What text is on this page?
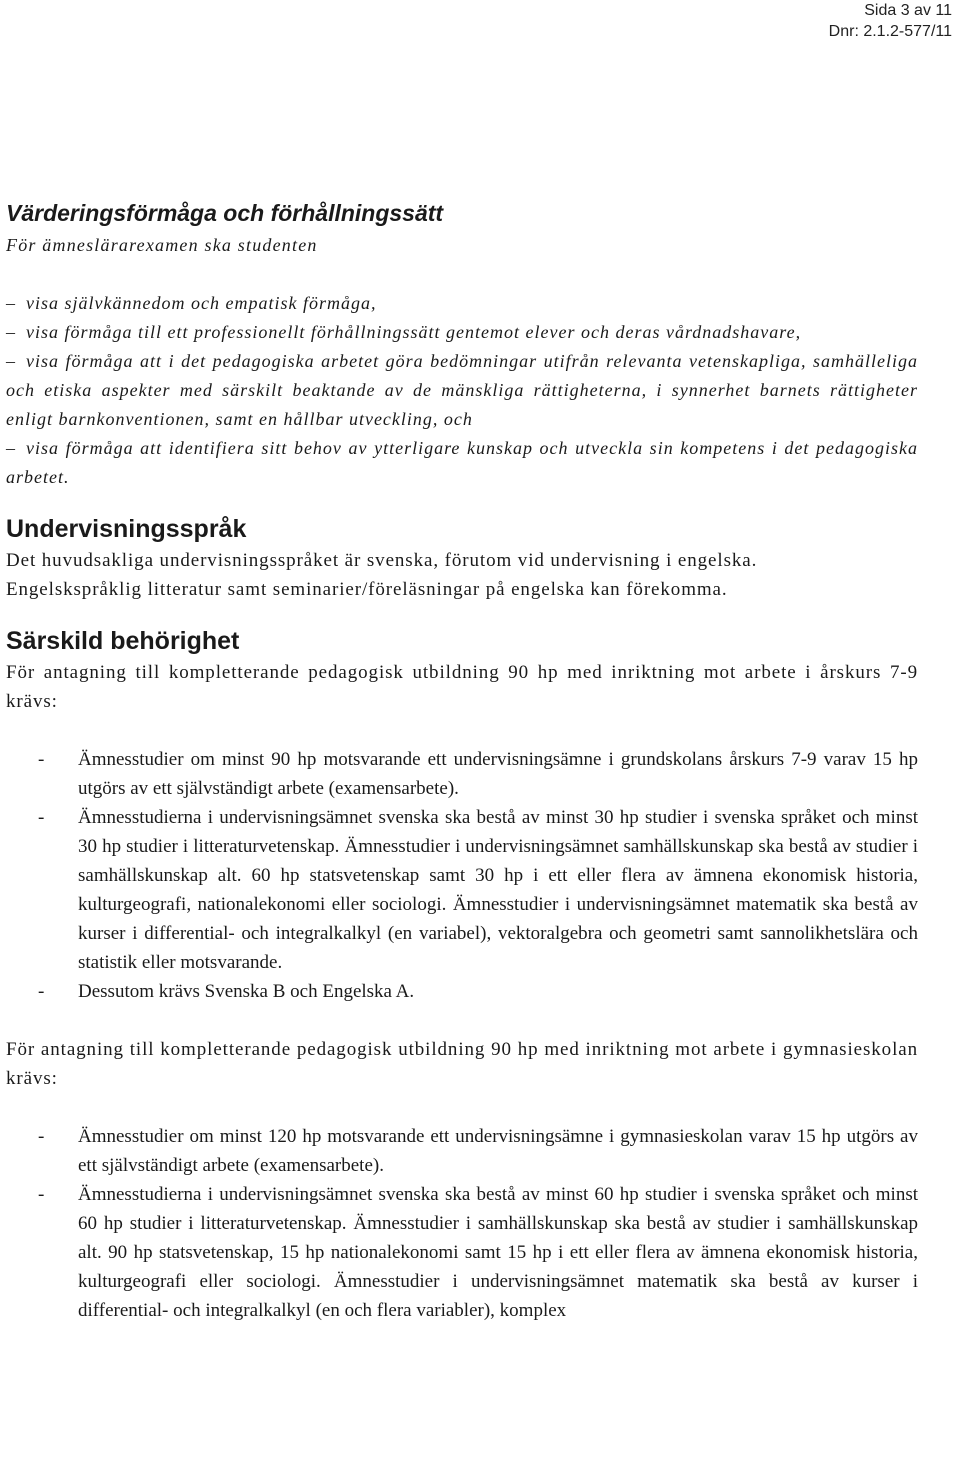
Sida 3 av 11
Dnr: 2.1.2-577/11
Värderingsförmåga och förhållningssätt

För ämneslärarexamen ska studenten

– visa självkännedom och empatisk förmåga,
– visa förmåga till ett professionellt förhållningssätt gentemot elever och deras vårdnadshavare,
– visa förmåga att i det pedagogiska arbetet göra bedömningar utifrån relevanta vetenskapliga, samhälleliga och etiska aspekter med särskilt beaktande av de mänskliga rättigheterna, i synnerhet barnets rättigheter enligt barnkonventionen, samt en hållbar utveckling, och
– visa förmåga att identifiera sitt behov av ytterligare kunskap och utveckla sin kompetens i det pedagogiska arbetet.
Undervisningsspråk

Det huvudsakliga undervisningsspråket är svenska, förutom vid undervisning i engelska.

Engelskspråklig litteratur samt seminarier/föreläsningar på engelska kan förekomma.

Särskild behörighet

För antagning till kompletterande pedagogisk utbildning 90 hp med inriktning mot arbete i årskurs 7-9 krävs:

- Ämnesstudier om minst 90 hp motsvarande ett undervisningsämne i grundskolans årskurs 7-9 varav 15 hp utgörs av ett självständigt arbete (examensarbete).
- Ämnesstudierna i undervisningsämnet svenska ska bestå av minst 30 hp studier i svenska språket och minst 30 hp studier i litteraturvetenskap. Ämnesstudier i undervisningsämnet samhällskunskap ska bestå av studier i samhällskunskap alt. 60 hp statsvetenskap samt 30 hp i ett eller flera av ämnena ekonomisk historia, kulturgeografi, nationalekonomi eller sociologi. Ämnesstudier i undervisningsämnet matematik ska bestå av kurser i differential- och integralkalkyl (en variabel), vektoralgebra och geometri samt sannolikhetslära och statistik eller motsvarande.
- Dessutom krävs Svenska B och Engelska A.

För antagning till kompletterande pedagogisk utbildning 90 hp med inriktning mot arbete i gymnasieskolan krävs:

- Ämnesstudier om minst 120 hp motsvarande ett undervisningsämne i gymnasieskolan varav 15 hp utgörs av ett självständigt arbete (examensarbete).
- Ämnesstudierna i undervisningsämnet svenska ska bestå av minst 60 hp studier i svenska språket och minst 60 hp studier i litteraturvetenskap. Ämnesstudier i samhällskunskap ska bestå av studier i samhällskunskap alt. 90 hp statsvetenskap, 15 hp nationalekonomi samt 15 hp i ett eller flera av ämnena ekonomisk historia, kulturgeografi eller sociologi. Ämnesstudier i undervisningsämnet matematik ska bestå av kurser i differential- och integralkalkyl (en och flera variabler), komplex
